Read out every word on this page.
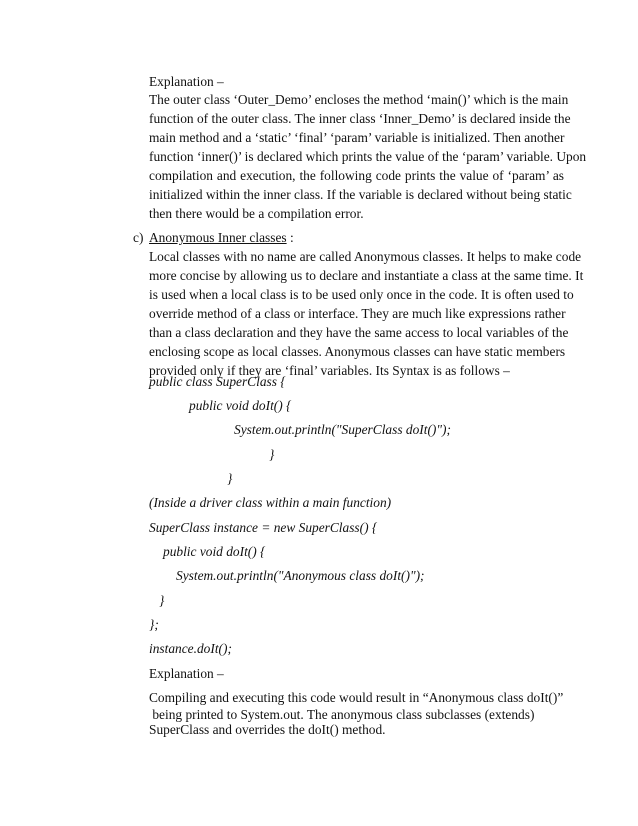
Explanation –
The outer class ‘Outer_Demo’ encloses the method ‘main()’ which is the main
function of the outer class. The inner class ‘Inner_Demo’ is declared inside the
main method and a ‘static’ ‘final’ ‘param’ variable is initialized. Then another
function ‘inner()’ is declared which prints the value of the ‘param’ variable. Upon
compilation and execution, the following code prints the value of ‘param’ as
initialized within the inner class. If the variable is declared without being static
then there would be a compilation error.
c) Anonymous Inner classes :
Local classes with no name are called Anonymous classes. It helps to make code
more concise by allowing us to declare and instantiate a class at the same time. It
is used when a local class is to be used only once in the code. It is often used to
override method of a class or interface. They are much like expressions rather
than a class declaration and they have the same access to local variables of the
enclosing scope as local classes. Anonymous classes can have static members
provided only if they are ‘final’ variables. Its Syntax is as follows –
public class SuperClass {
public void doIt() {
System.out.println("SuperClass doIt()");
}
}
(Inside a driver class within a main function)
SuperClass instance = new SuperClass() {
public void doIt() {
System.out.println("Anonymous class doIt()");
}
};
instance.doIt();
Explanation –
Compiling and executing this code would result in “Anonymous class doIt()”
being printed to System.out. The anonymous class subclasses (extends)
SuperClass and overrides the doIt() method.
